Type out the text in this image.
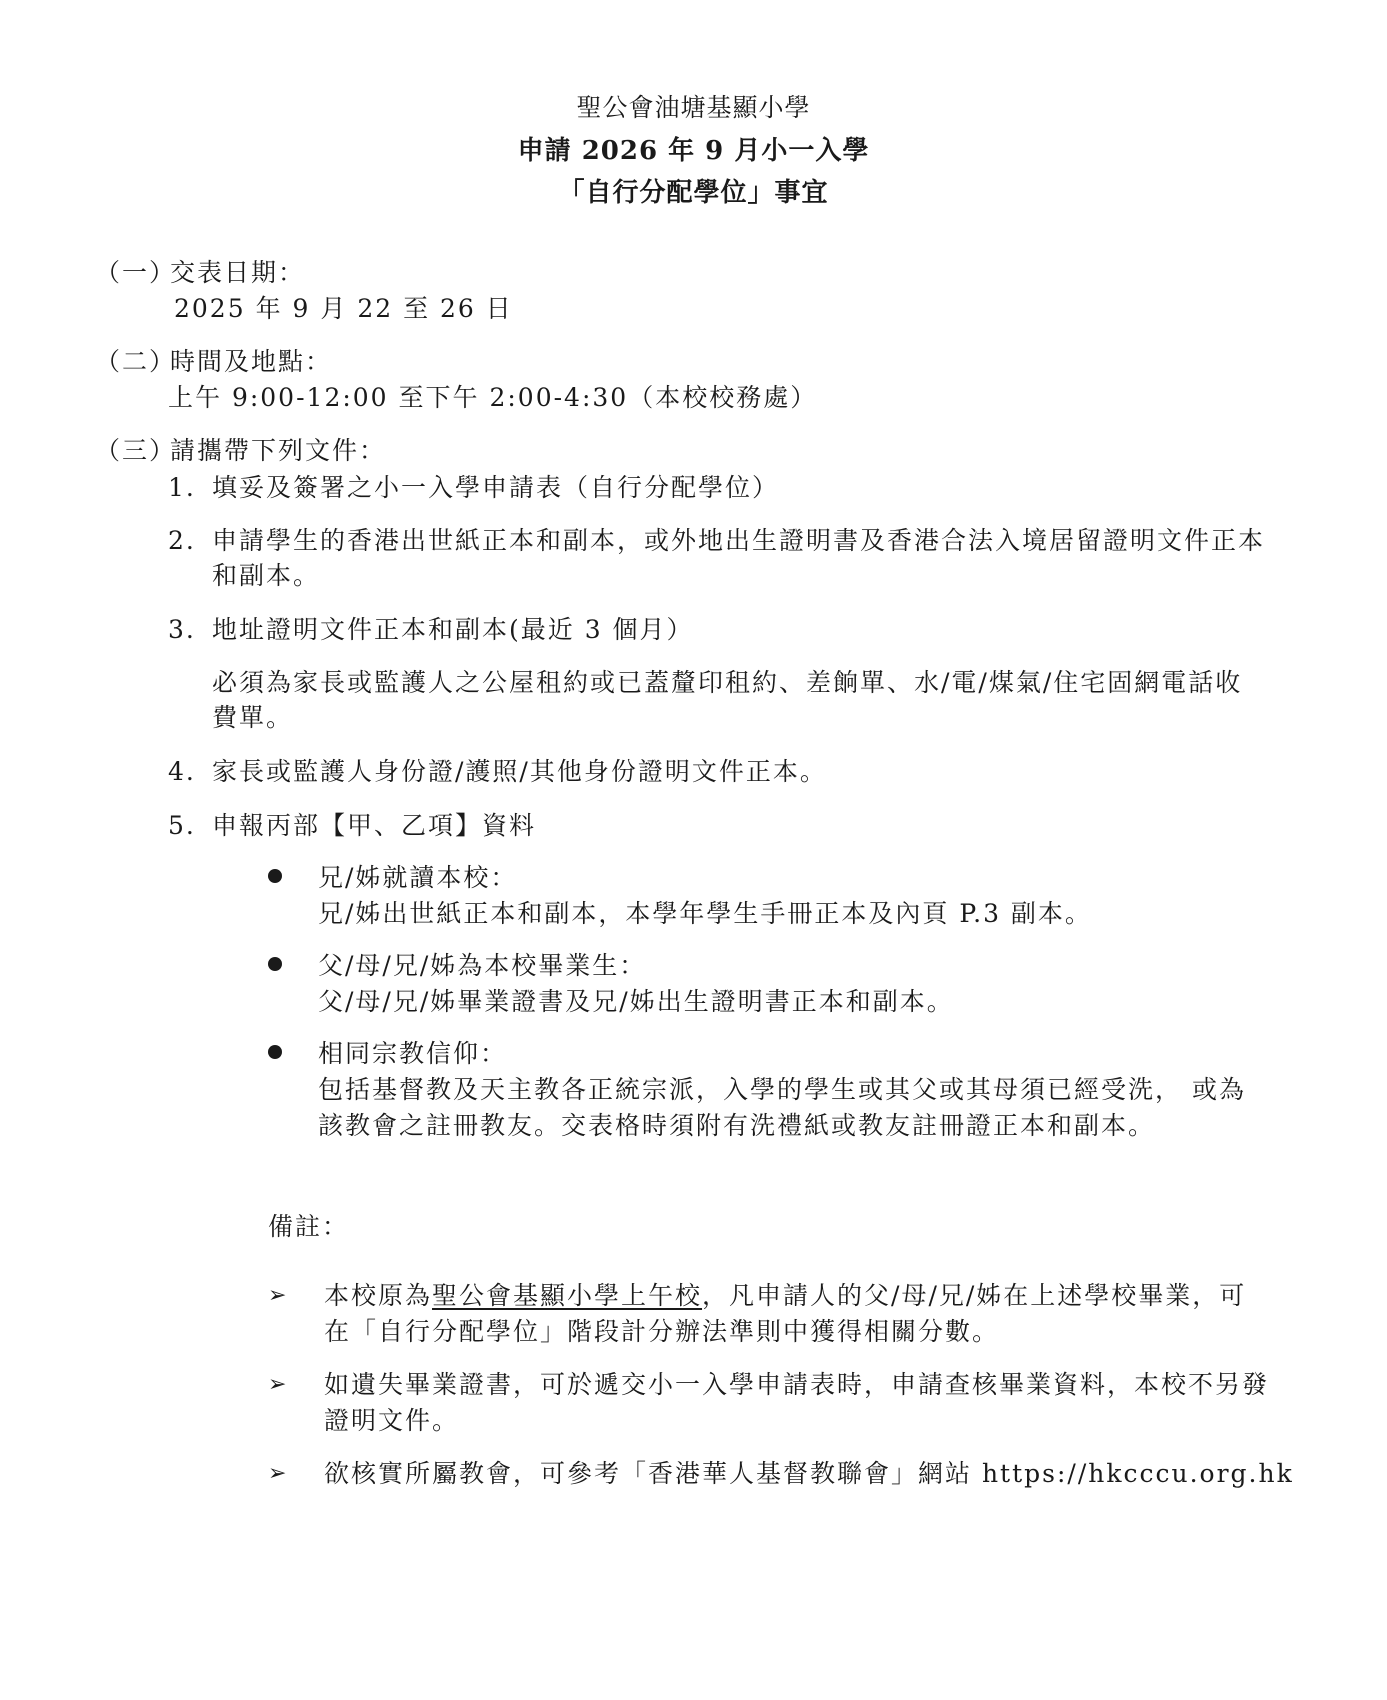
聖公會油塘基顯小學
申請 2026 年 9 月小一入學
「自行分配學位」事宜
（一）
交表日期：
2025 年 9 月 22 至 26 日
（二）
時間及地點：
上午 9:00-12:00 至下午 2:00-4:30（本校校務處）
（三）
請攜帶下列文件：
1. 填妥及簽署之小一入學申請表（自行分配學位）
2. 申請學生的香港出世紙正本和副本，或外地出生證明書及香港合法入境居留證明文件正本
和副本。
3. 地址證明文件正本和副本(最近 3 個月）
必須為家長或監護人之公屋租約或已蓋釐印租約、差餉單、水/電/煤氣/住宅固網電話收
費單。
4. 家長或監護人身份證/護照/其他身份證明文件正本。
5. 申報丙部【甲、乙項】資料
兄/姊就讀本校：
兄/姊出世紙正本和副本，本學年學生手冊正本及內頁 P.3 副本。
父/母/兄/姊為本校畢業生：
父/母/兄/姊畢業證書及兄/姊出生證明書正本和副本。
相同宗教信仰：
包括基督教及天主教各正統宗派，入學的學生或其父或其母須已經受洗， 或為
該教會之註冊教友。交表格時須附有洗禮紙或教友註冊證正本和副本。
備註：
➢ 本校原為聖公會基顯小學上午校，凡申請人的父/母/兄/姊在上述學校畢業，可
在「自行分配學位」階段計分辦法準則中獲得相關分數。
➢ 如遺失畢業證書，可於遞交小一入學申請表時，申請查核畢業資料，本校不另發
證明文件。
➢ 欲核實所屬教會，可參考「香港華人基督教聯會」網站 https://hkcccu.org.hk
